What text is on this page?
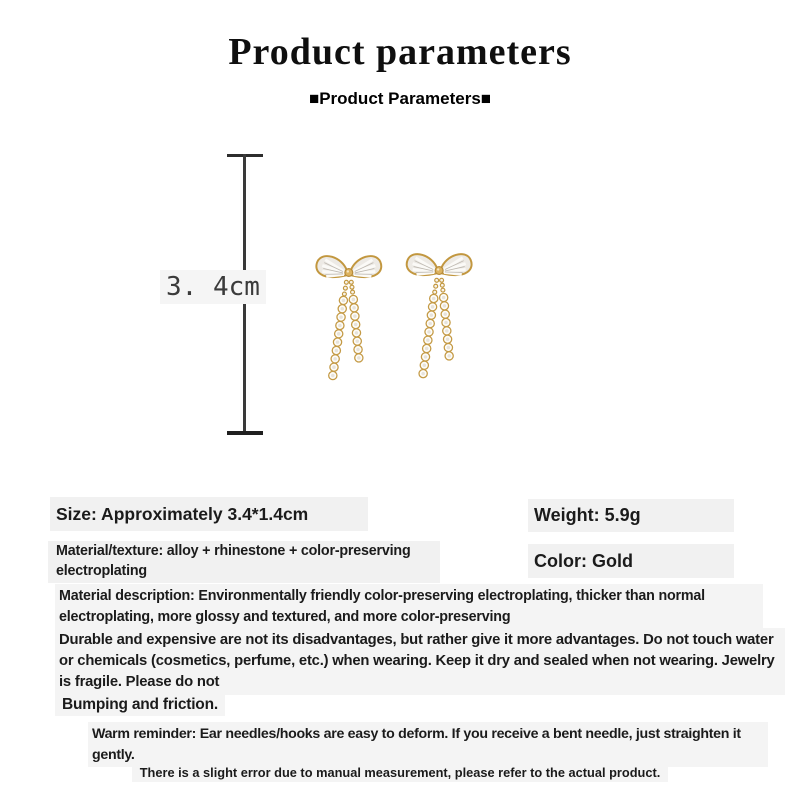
Product parameters
■Product Parameters■
3. 4cm
Size: Approximately 3.4*1.4cm	Weight: 5.9g
Material/texture: alloy + rhinestone + color-preserving electroplating	Color: Gold
Material description: Environmentally friendly color-preserving electroplating, thicker than normal electroplating, more glossy and textured, and more color-preserving
Durable and expensive are not its disadvantages, but rather give it more advantages. Do not touch water or chemicals (cosmetics, perfume, etc.) when wearing. Keep it dry and sealed when not wearing. Jewelry is fragile. Please do not
Bumping and friction.
Warm reminder: Ear needles/hooks are easy to deform. If you receive a bent needle, just straighten it gently.
There is a slight error due to manual measurement, please refer to the actual product.
